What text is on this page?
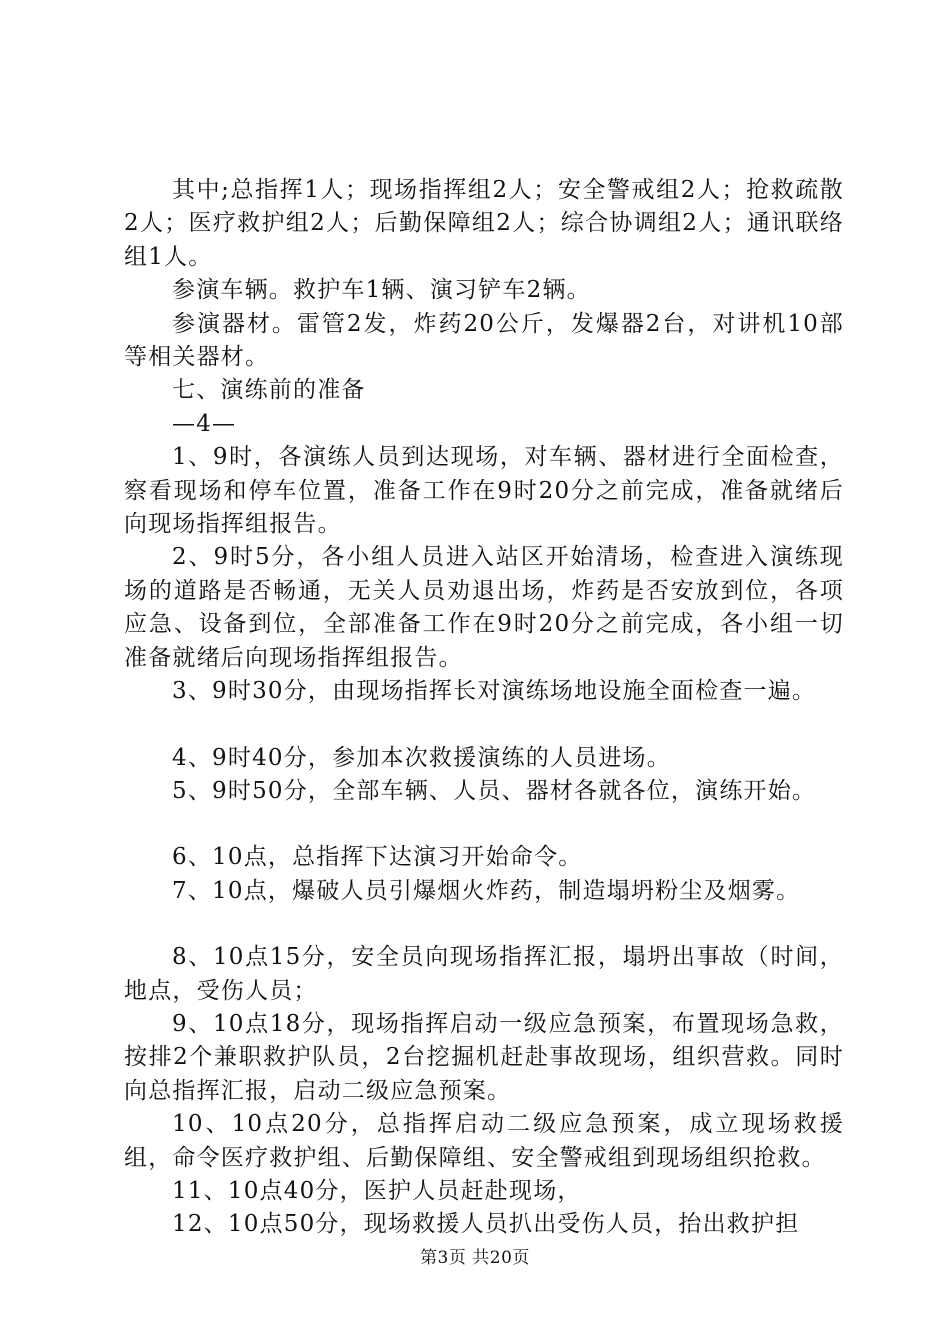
其中;总指挥1人；现场指挥组2人；安全警戒组2人；抢救疏散2人；医疗救护组2人；后勤保障组2人；综合协调组2人；通讯联络组1人。

参演车辆。救护车1辆、演习铲车2辆。

参演器材。雷管2发，炸药20公斤，发爆器2台，对讲机10部等相关器材。

七、演练前的准备

—4—

1、9时，各演练人员到达现场，对车辆、器材进行全面检查，察看现场和停车位置，准备工作在9时20分之前完成，准备就绪后向现场指挥组报告。

2、9时5分，各小组人员进入站区开始清场，检查进入演练现场的道路是否畅通，无关人员劝退出场，炸药是否安放到位，各项应急、设备到位，全部准备工作在9时20分之前完成，各小组一切准备就绪后向现场指挥组报告。

3、9时30分，由现场指挥长对演练场地设施全面检查一遍。

4、9时40分，参加本次救援演练的人员进场。

5、9时50分，全部车辆、人员、器材各就各位，演练开始。

6、10点，总指挥下达演习开始命令。

7、10点，爆破人员引爆烟火炸药，制造塌坍粉尘及烟雾。

8、10点15分，安全员向现场指挥汇报，塌坍出事故（时间，地点，受伤人员；

9、10点18分，现场指挥启动一级应急预案，布置现场急救，按排2个兼职救护队员，2台挖掘机赶赴事故现场，组织营救。同时向总指挥汇报，启动二级应急预案。

10、10点20分，总指挥启动二级应急预案，成立现场救援组，命令医疗救护组、后勤保障组、安全警戒组到现场组织抢救。

11、10点40分，医护人员赶赴现场，

12、10点50分，现场救援人员扒出受伤人员，抬出救护担

第3页 共20页
